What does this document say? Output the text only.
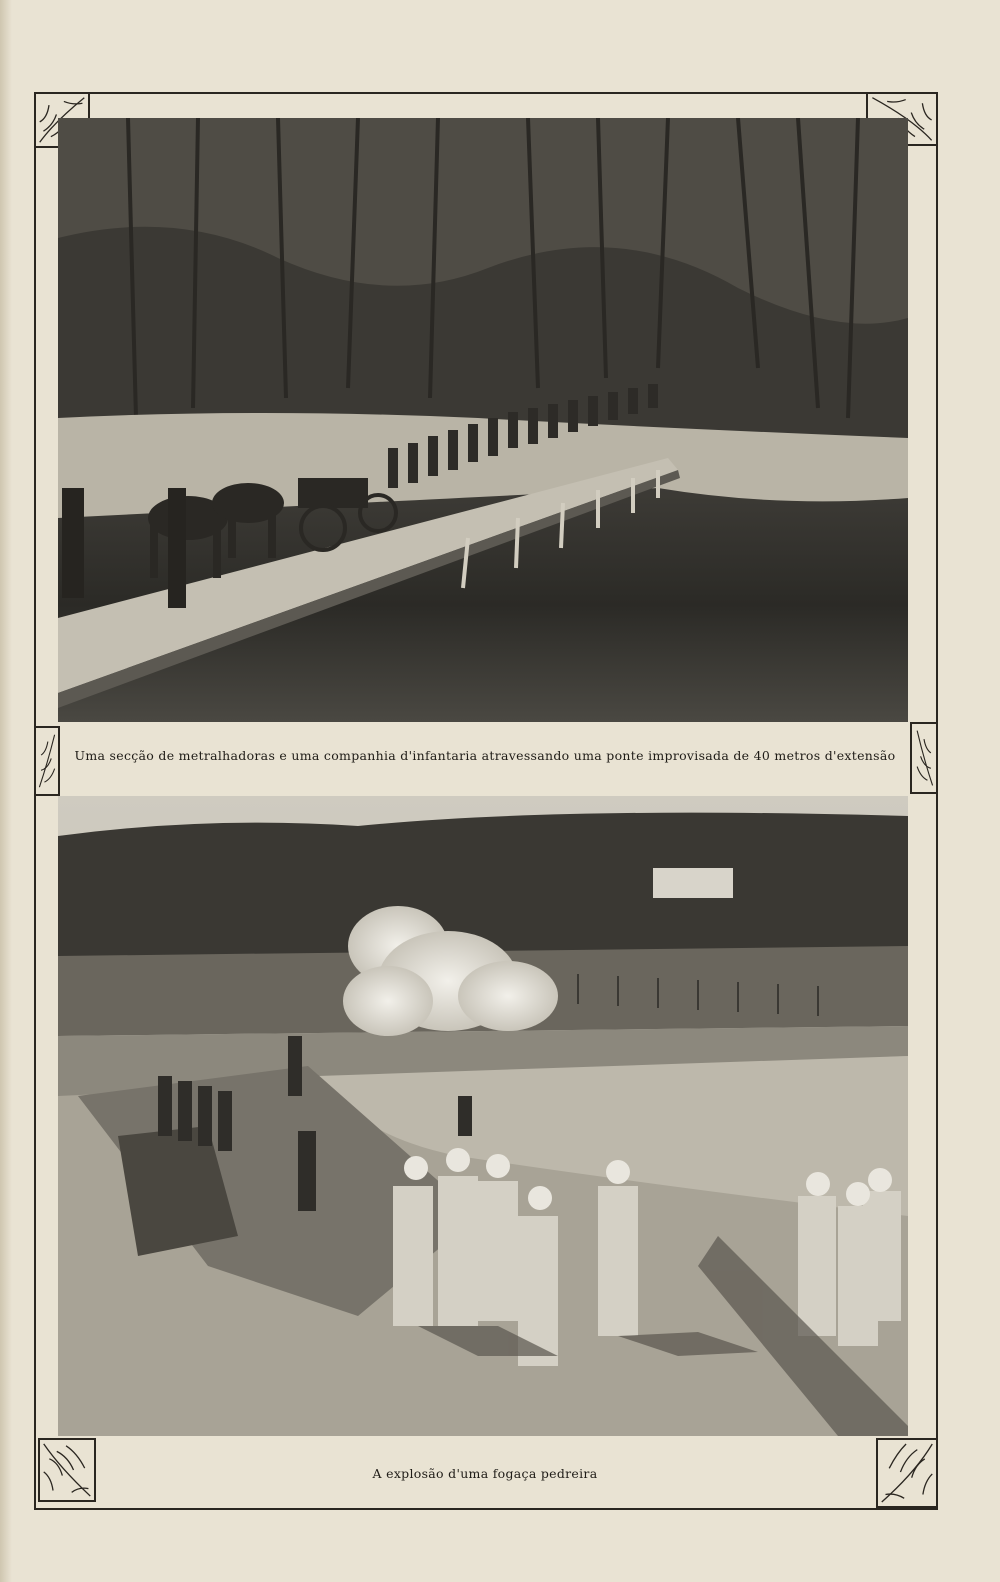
Uma secção de metralhadoras e uma companhia d'infantaria atravessando uma ponte improvisada de 40 metros d'extensão
A explosão d'uma fogaça pedreira
